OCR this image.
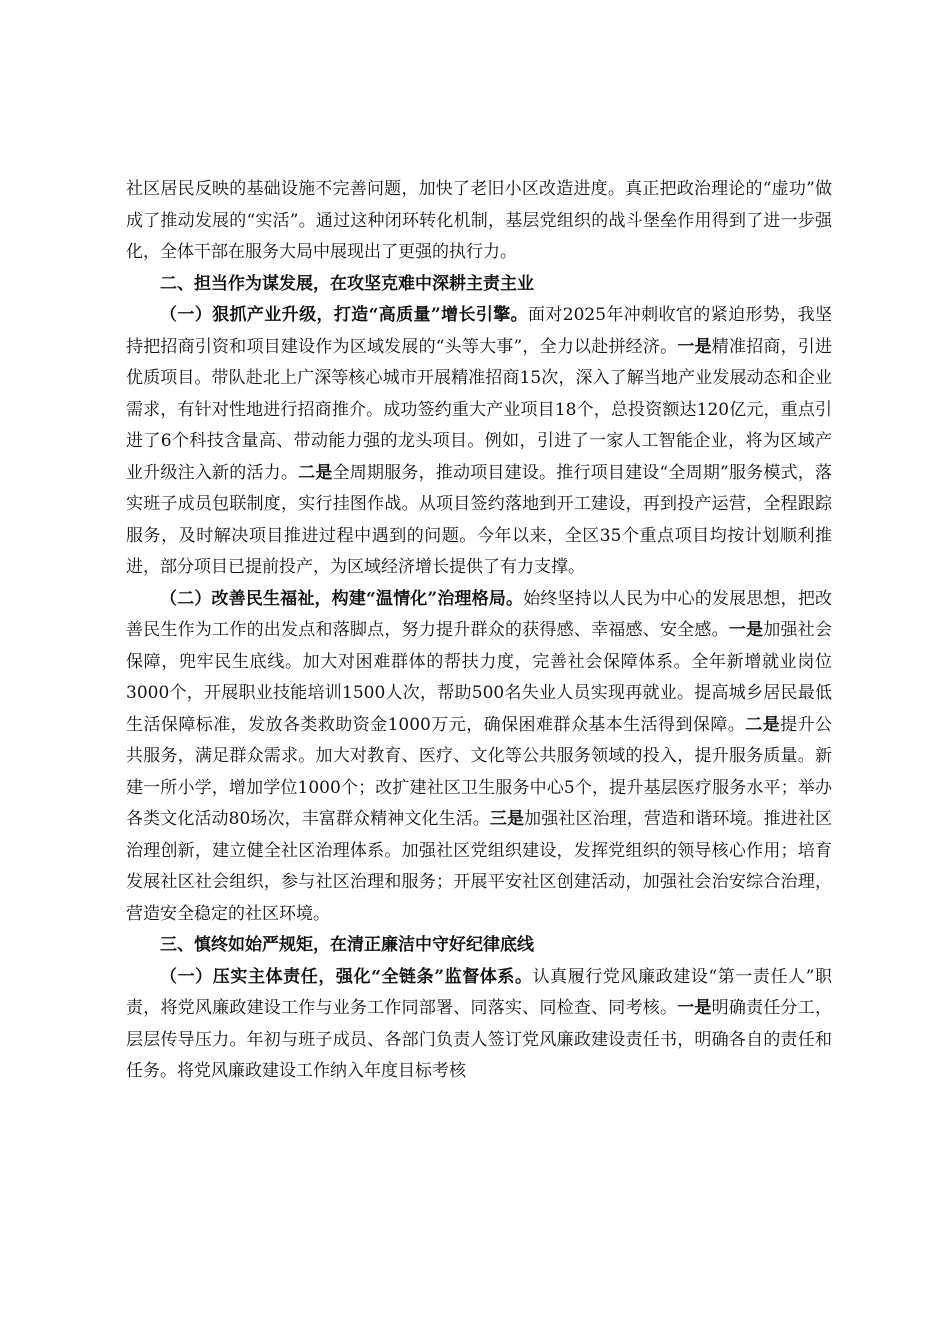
社区居民反映的基础设施不完善问题，加快了老旧小区改造进度。真正把政治理论的“虚功”做成了推动发展的“实活”。通过这种闭环转化机制，基层党组织的战斗堡垒作用得到了进一步强化，全体干部在服务大局中展现出了更强的执行力。

二、担当作为谋发展，在攻坚克难中深耕主责主业

（一）狠抓产业升级，打造“高质量”增长引擎。面对2025年冲刺收官的紧迫形势，我坚持把招商引资和项目建设作为区域发展的“头等大事”，全力以赴拼经济。一是精准招商，引进优质项目。带队赴北上广深等核心城市开展精准招商15次，深入了解当地产业发展动态和企业需求，有针对性地进行招商推介。成功签约重大产业项目18个，总投资额达120亿元，重点引进了6个科技含量高、带动能力强的龙头项目。例如，引进了一家人工智能企业，将为区域产业升级注入新的活力。二是全周期服务，推动项目建设。推行项目建设“全周期”服务模式，落实班子成员包联制度，实行挂图作战。从项目签约落地到开工建设，再到投产运营，全程跟踪服务，及时解决项目推进过程中遇到的问题。今年以来，全区35个重点项目均按计划顺利推进，部分项目已提前投产，为区域经济增长提供了有力支撑。

（二）改善民生福祉，构建“温情化”治理格局。始终坚持以人民为中心的发展思想，把改善民生作为工作的出发点和落脚点，努力提升群众的获得感、幸福感、安全感。一是加强社会保障，兜牢民生底线。加大对困难群体的帮扶力度，完善社会保障体系。全年新增就业岗位3000个，开展职业技能培训1500人次，帮助500名失业人员实现再就业。提高城乡居民最低生活保障标准，发放各类救助资金1000万元，确保困难群众基本生活得到保障。二是提升公共服务，满足群众需求。加大对教育、医疗、文化等公共服务领域的投入，提升服务质量。新建一所小学，增加学位1000个；改扩建社区卫生服务中心5个，提升基层医疗服务水平；举办各类文化活动80场次，丰富群众精神文化生活。三是加强社区治理，营造和谐环境。推进社区治理创新，建立健全社区治理体系。加强社区党组织建设，发挥党组织的领导核心作用；培育发展社区社会组织，参与社区治理和服务；开展平安社区创建活动，加强社会治安综合治理，营造安全稳定的社区环境。

三、慎终如始严规矩，在清正廉洁中守好纪律底线

（一）压实主体责任，强化“全链条”监督体系。认真履行党风廉政建设“第一责任人”职责，将党风廉政建设工作与业务工作同部署、同落实、同检查、同考核。一是明确责任分工，层层传导压力。年初与班子成员、各部门负责人签订党风廉政建设责任书，明确各自的责任和任务。将党风廉政建设工作纳入年度目标考核
